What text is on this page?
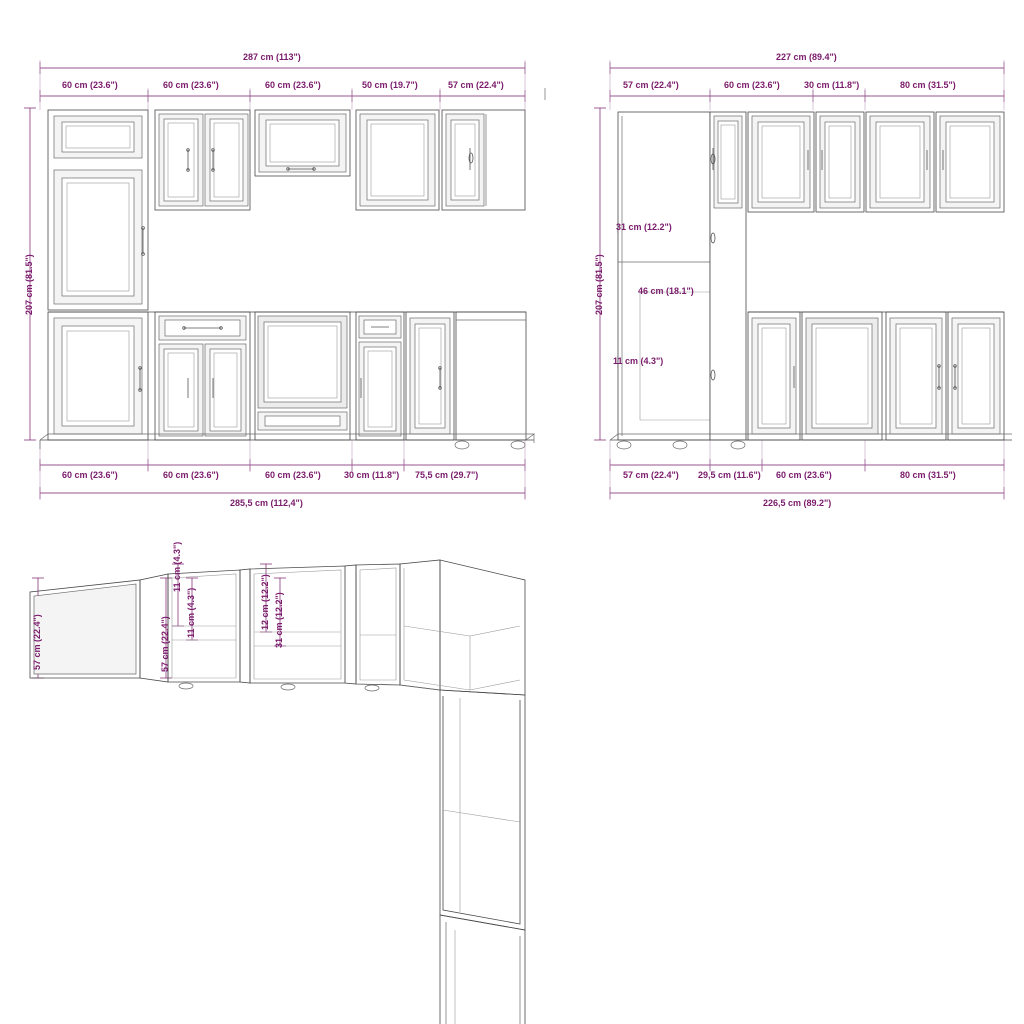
287 cm (113")
60 cm (23.6")	60 cm (23.6")	60 cm (23.6")	50 cm (19.7")	57 cm (22.4")
207 cm (81.5")
60 cm (23.6")	60 cm (23.6")	60 cm (23.6")	30 cm (11.8") 75,5 cm (29.7")
285,5 cm (112,4")
227 cm (89.4")
57 cm (22.4")	60 cm (23.6")	30 cm (11.8")	80 cm (31.5")
207 cm (81.5")
31 cm (12.2")
46 cm (18.1")
11 cm (4.3")
57 cm (22.4") 29,5 cm (11.6") 60 cm (23.6")	80 cm (31.5")
226,5 cm (89.2")
57 cm (22.4")	57 cm (22.4")
11 cm (4.3")
11 cm (4.3")	31 cm (12.2")
12 cm (12.2")
